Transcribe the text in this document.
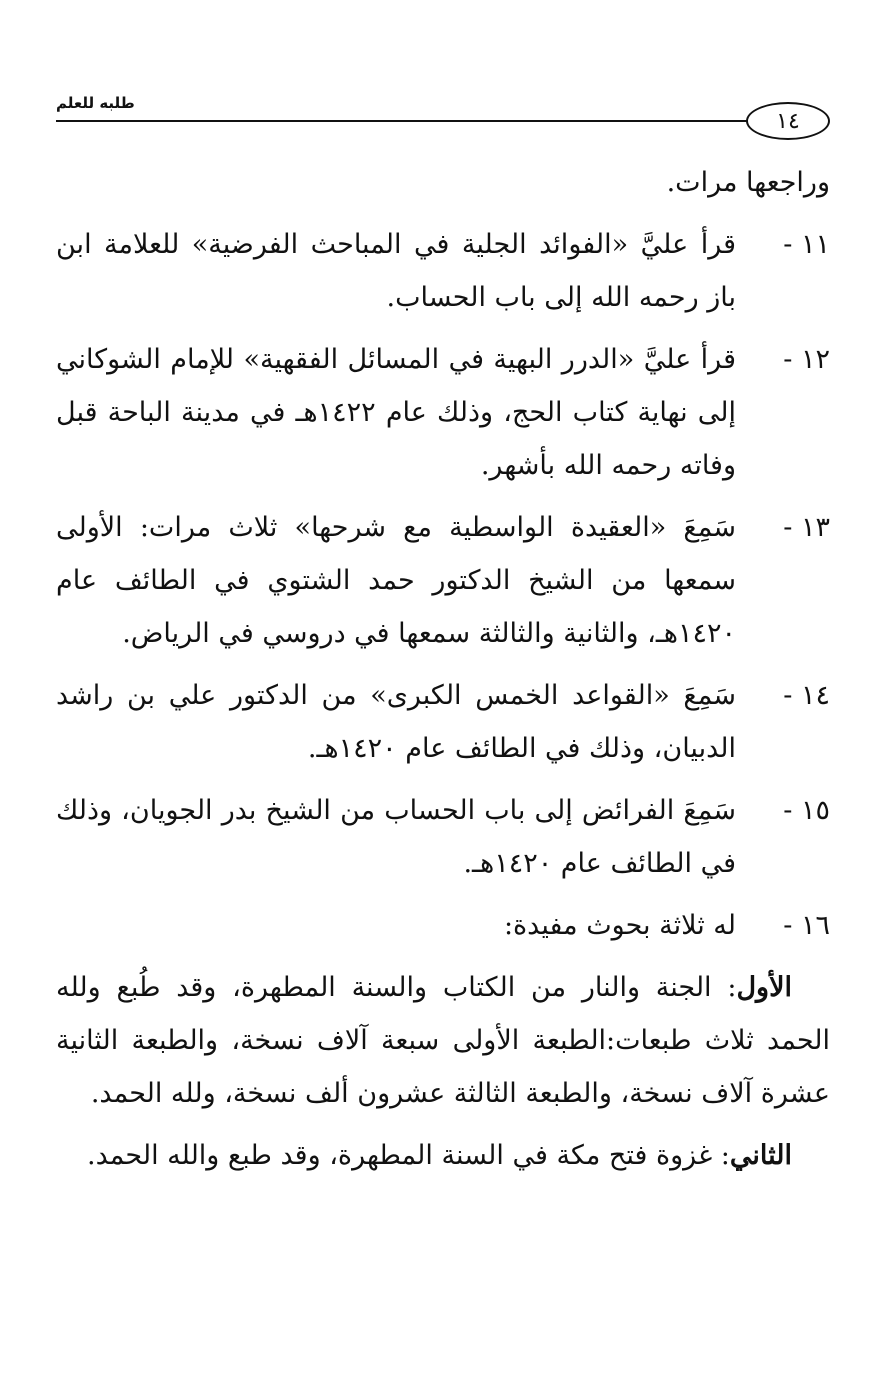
طلبه للعلم
١٤

وراجعها مرات.

١١ -
قرأ عليَّ «الفوائد الجلية في المباحث الفرضية» للعلامة ابن باز رحمه الله إلى باب الحساب.
١٢ -
قرأ عليَّ «الدرر البهية في المسائل الفقهية» للإمام الشوكاني إلى نهاية كتاب الحج، وذلك عام ١٤٢٢هـ في مدينة الباحة قبل وفاته رحمه الله بأشهر.
١٣ -
سَمِعَ «العقيدة الواسطية مع شرحها» ثلاث مرات: الأولى سمعها من الشيخ الدكتور حمد الشتوي في الطائف عام ١٤٢٠هـ، والثانية والثالثة سمعها في دروسي في الرياض.
١٤ -
سَمِعَ «القواعد الخمس الكبرى» من الدكتور علي بن راشد الدبيان، وذلك في الطائف عام ١٤٢٠هـ.
١٥ -
سَمِعَ الفرائض إلى باب الحساب من الشيخ بدر الجويان، وذلك في الطائف عام ١٤٢٠هـ.
١٦ -
له ثلاثة بحوث مفيدة:

الأول: الجنة والنار من الكتاب والسنة المطهرة، وقد طُبع ولله الحمد ثلاث طبعات:الطبعة الأولى سبعة آلاف نسخة، والطبعة الثانية عشرة آلاف نسخة، والطبعة الثالثة عشرون ألف نسخة، ولله الحمد.

الثاني: غزوة فتح مكة في السنة المطهرة، وقد طبع والله الحمد.
